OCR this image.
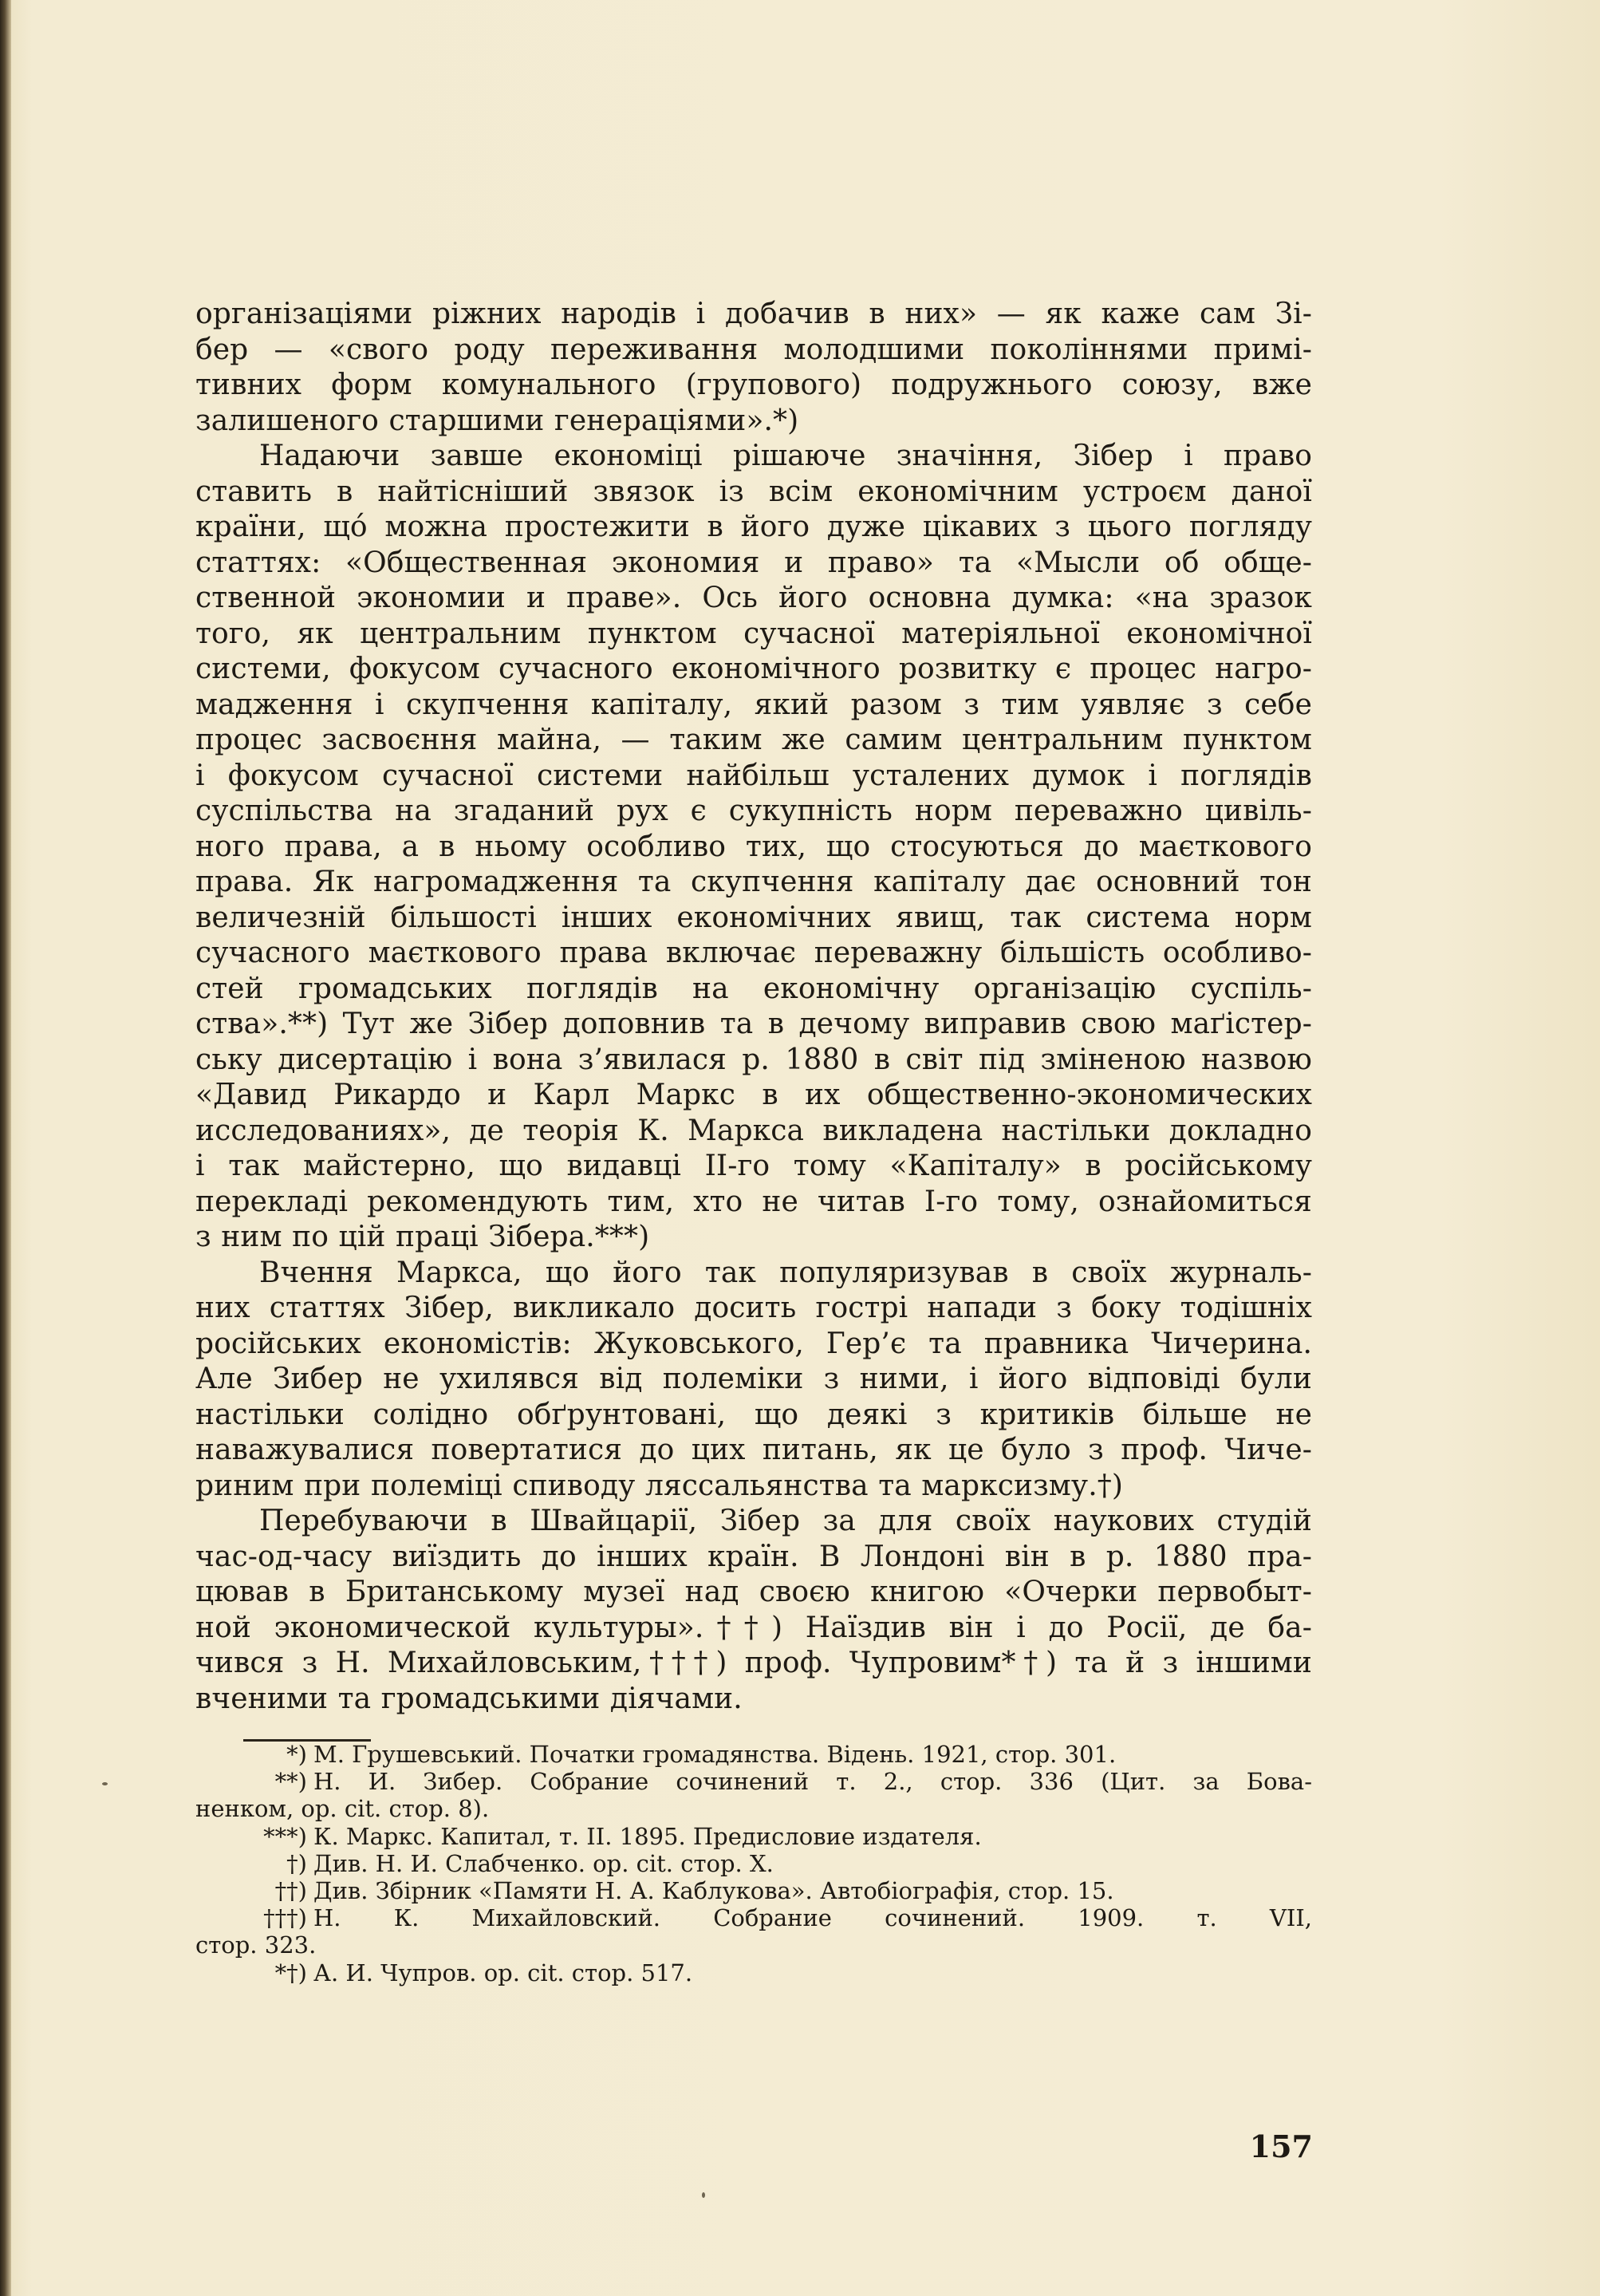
організаціями ріжних народів і добачив в них» — як каже сам Зі-
бер — «свого роду переживання молодшими поколіннями примі-
тивних форм комунального (групового) подружнього союзу, вже
залишеного старшими генераціями».*)
Надаючи завше економіці рішаюче значіння, Зібер і право
ставить в найтісніший звязок із всім економічним устроєм даної
країни, щó можна простежити в його дуже цікавих з цього погляду
статтях: «Общественная экономия и право» та «Мысли об обще-
ственной экономии и праве». Ось його основна думка: «на зразок
того, як центральним пунктом сучасної матеріяльної економічної
системи, фокусом сучасного економічного розвитку є процес нагро-
мадження і скупчення капіталу, який разом з тим уявляє з себе
процес засвоєння майна, — таким же самим центральним пунктом
і фокусом сучасної системи найбільш усталених думок і поглядів
суспільства на згаданий рух є сукупність норм переважно цивіль-
ного права, а в ньому особливо тих, що стосуються до маєткового
права. Як нагромадження та скупчення капіталу дає основний тон
величезній більшості інших економічних явищ, так система норм
сучасного маєткового права включає переважну більшість особливо-
стей громадських поглядів на економічну організацію суспіль-
ства».**) Тут же Зібер доповнив та в дечому виправив свою маґістер-
ську дисертацію і вона з’явилася р. 1880 в світ під зміненою назвою
«Давид Рикардо и Карл Маркс в их общественно-экономических
исследованиях», де теорія К. Маркса викладена настільки докладно
і так майстерно, що видавці ІІ-го тому «Капіталу» в російському
перекладі рекомендують тим, хто не читав І-го тому, ознайомиться
з ним по цій праці Зібера.***)
Вчення Маркса, що його так популяризував в своїх журналь-
них статтях Зібер, викликало досить гострі напади з боку тодішніх
російських економістів: Жуковського, Гер’є та правника Чичерина.
Але Зибер не ухилявся від полеміки з ними, і його відповіді були
настільки солідно обґрунтовані, що деякі з критиків більше не
наважувалися повертатися до цих питань, як це було з проф. Чиче-
риним при полеміці спиводу ляссальянства та марксизму.†)
Перебуваючи в Швайцарії, Зібер за для своїх наукових студій
час-од-часу виїздить до інших країн. В Лондоні він в р. 1880 пра-
цював в Британському музеї над своєю книгою «Очерки первобыт-
ной экономической культуры».††) Наїздив він і до Росії, де ба-
чився з Н. Михайловським,†††) проф. Чупровим*†) та й з іншими
вченими та громадськими діячами.
*) М. Грушевський. Початки громадянства. Відень. 1921, стор. 301.
**) Н. И. Зибер. Собрание сочинений т. 2., стор. 336 (Цит. за Бова-
ненком, op. cit. стор. 8).
***) К. Маркс. Капитал, т. II. 1895. Предисловие издателя.
†) Див. Н. И. Слабченко. op. cit. стор. X.
††) Див. Збірник «Памяти Н. А. Каблукова». Автобіографія, стор. 15.
†††) Н. К. Михайловский. Собрание сочинений. 1909. т. VII,
стор. 323.
*†) А. И. Чупров. op. cit. стор. 517.
157
